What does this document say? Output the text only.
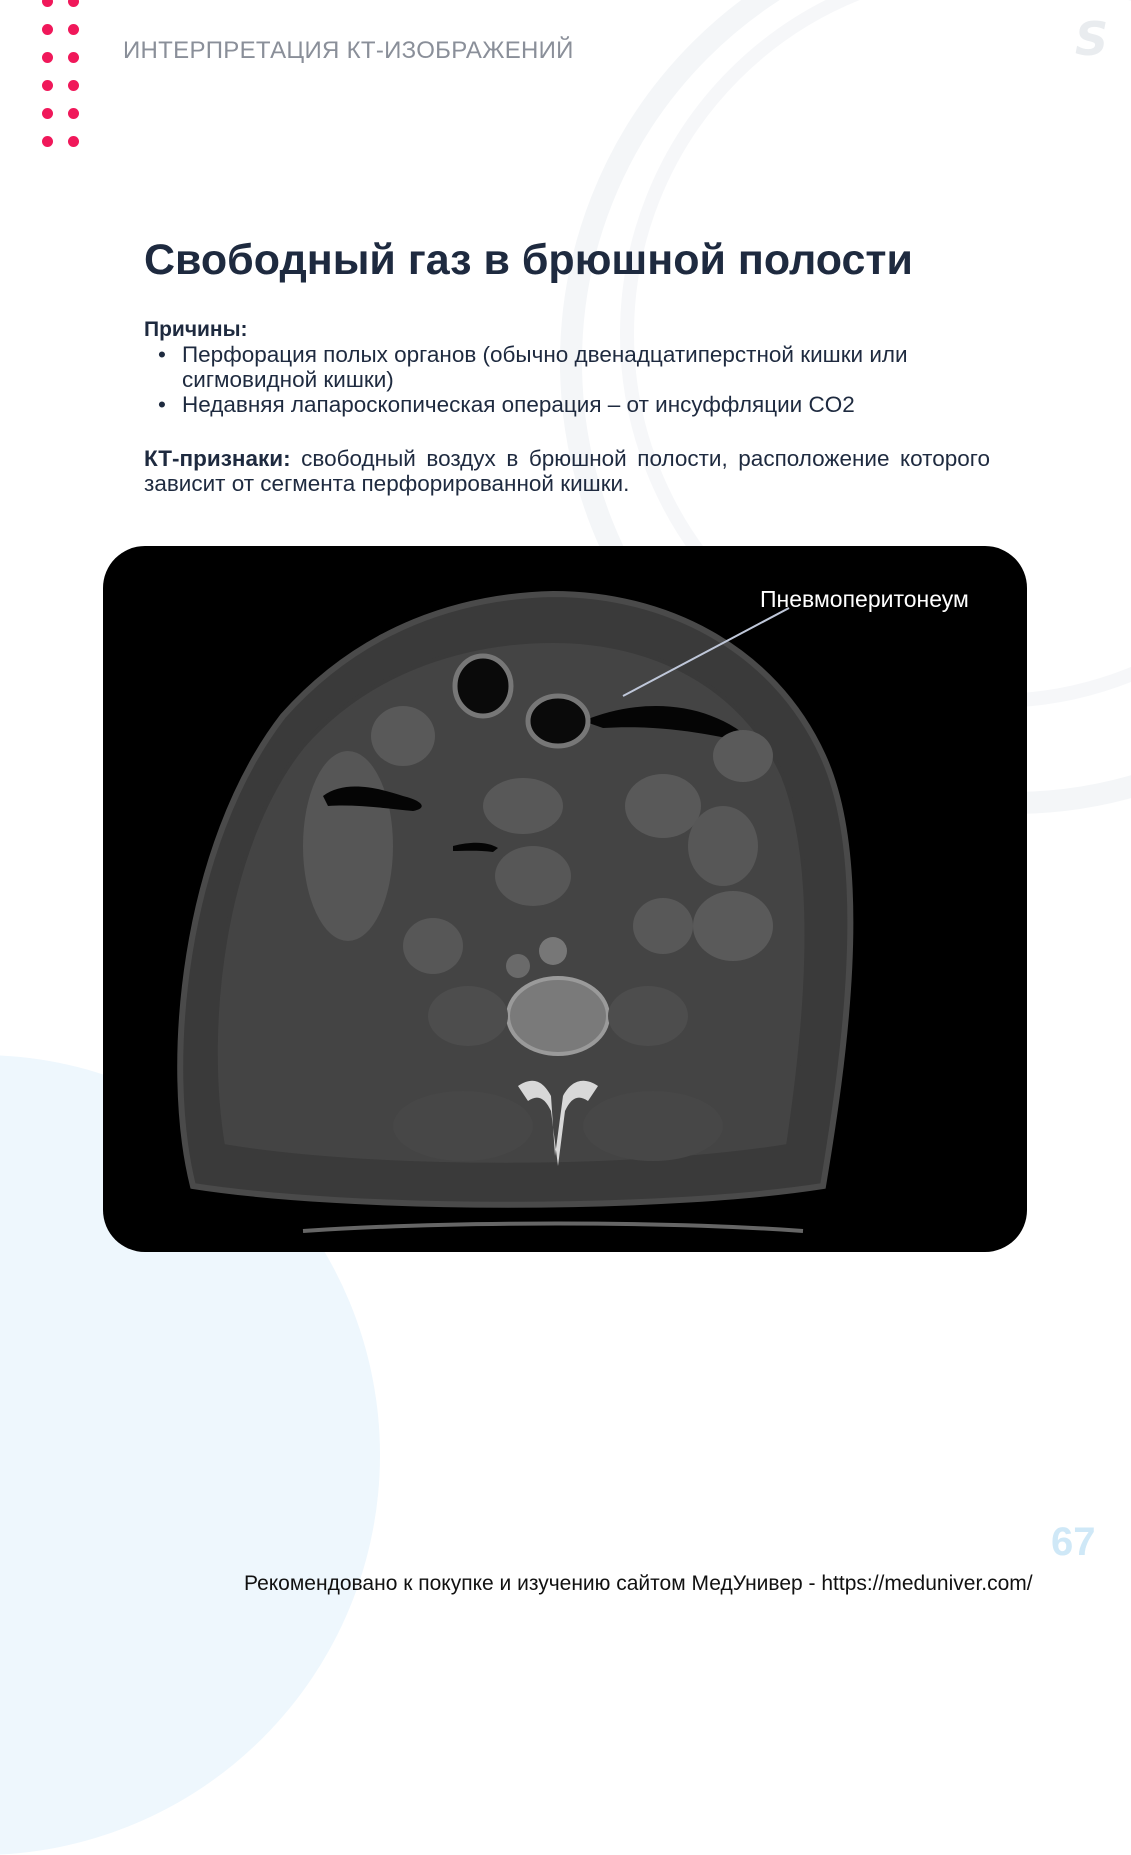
S
ИНТЕРПРЕТАЦИЯ КТ-ИЗОБРАЖЕНИЙ
Свободный газ в брюшной полости
Причины:
• Перфорация полых органов (обычно двенадцатиперстной кишки или сигмовидной кишки)
• Недавняя лапароскопическая операция – от инсуффляции CO2
КТ-признаки: свободный воздух в брюшной полости, расположение которого зависит от сегмента перфорированной кишки.
Пневмоперитонеум
67
Рекомендовано к покупке и изучению сайтом МедУнивер - https://meduniver.com/
